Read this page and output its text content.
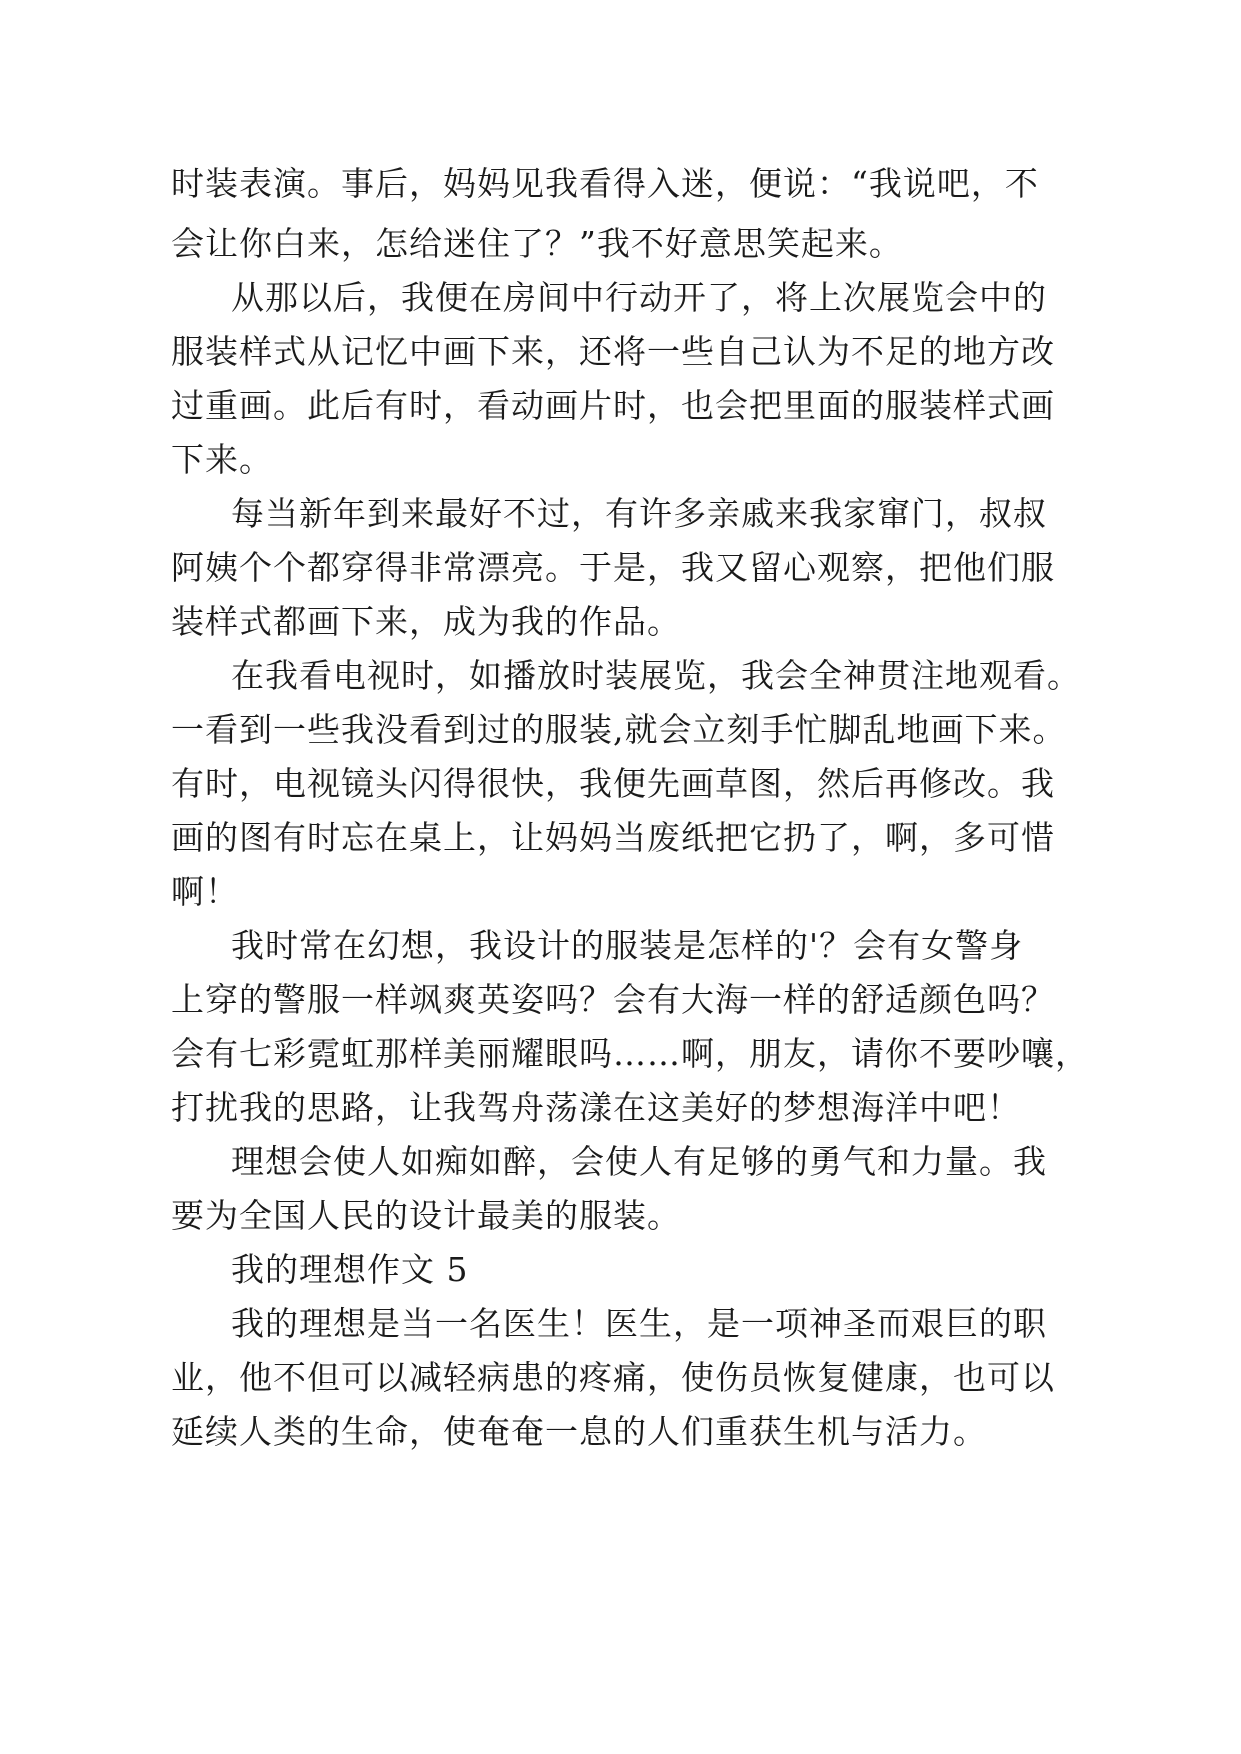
时装表演。事后，妈妈见我看得入迷，便说：“我说吧，不
会让你白来，怎给迷住了？”我不好意思笑起来。
从那以后，我便在房间中行动开了，将上次展览会中的
服装样式从记忆中画下来，还将一些自己认为不足的地方改
过重画。此后有时，看动画片时，也会把里面的服装样式画
下来。
每当新年到来最好不过，有许多亲戚来我家窜门，叔叔
阿姨个个都穿得非常漂亮。于是，我又留心观察，把他们服
装样式都画下来，成为我的作品。
在我看电视时，如播放时装展览，我会全神贯注地观看。
一看到一些我没看到过的服装,就会立刻手忙脚乱地画下来。
有时，电视镜头闪得很快，我便先画草图，然后再修改。我
画的图有时忘在桌上，让妈妈当废纸把它扔了，啊，多可惜
啊！
我时常在幻想，我设计的服装是怎样的'？会有女警身
上穿的警服一样飒爽英姿吗？会有大海一样的舒适颜色吗？
会有七彩霓虹那样美丽耀眼吗……啊，朋友，请你不要吵嚷，
打扰我的思路，让我驾舟荡漾在这美好的梦想海洋中吧！
理想会使人如痴如醉，会使人有足够的勇气和力量。我
要为全国人民的设计最美的服装。
我的理想作文 5
我的理想是当一名医生！医生，是一项神圣而艰巨的职
业，他不但可以减轻病患的疼痛，使伤员恢复健康，也可以
延续人类的生命，使奄奄一息的人们重获生机与活力。
